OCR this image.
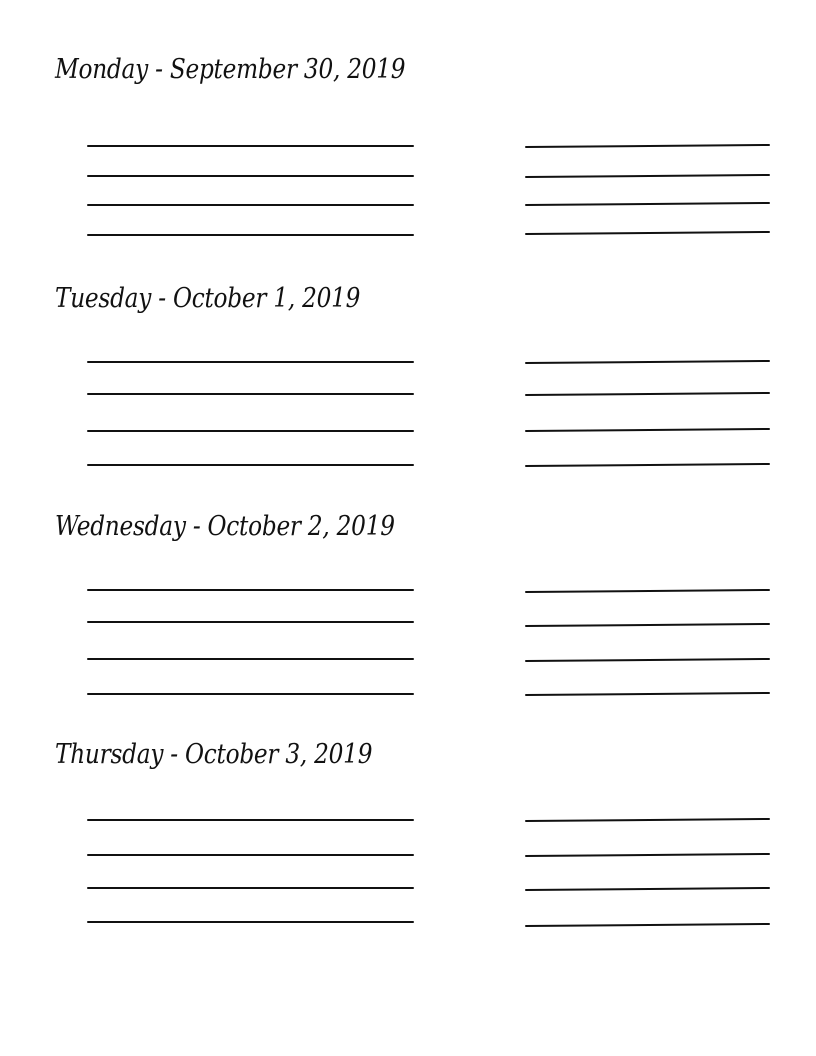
Monday - September 30, 2019
Tuesday - October 1, 2019
Wednesday - October 2, 2019
Thursday - October 3, 2019
